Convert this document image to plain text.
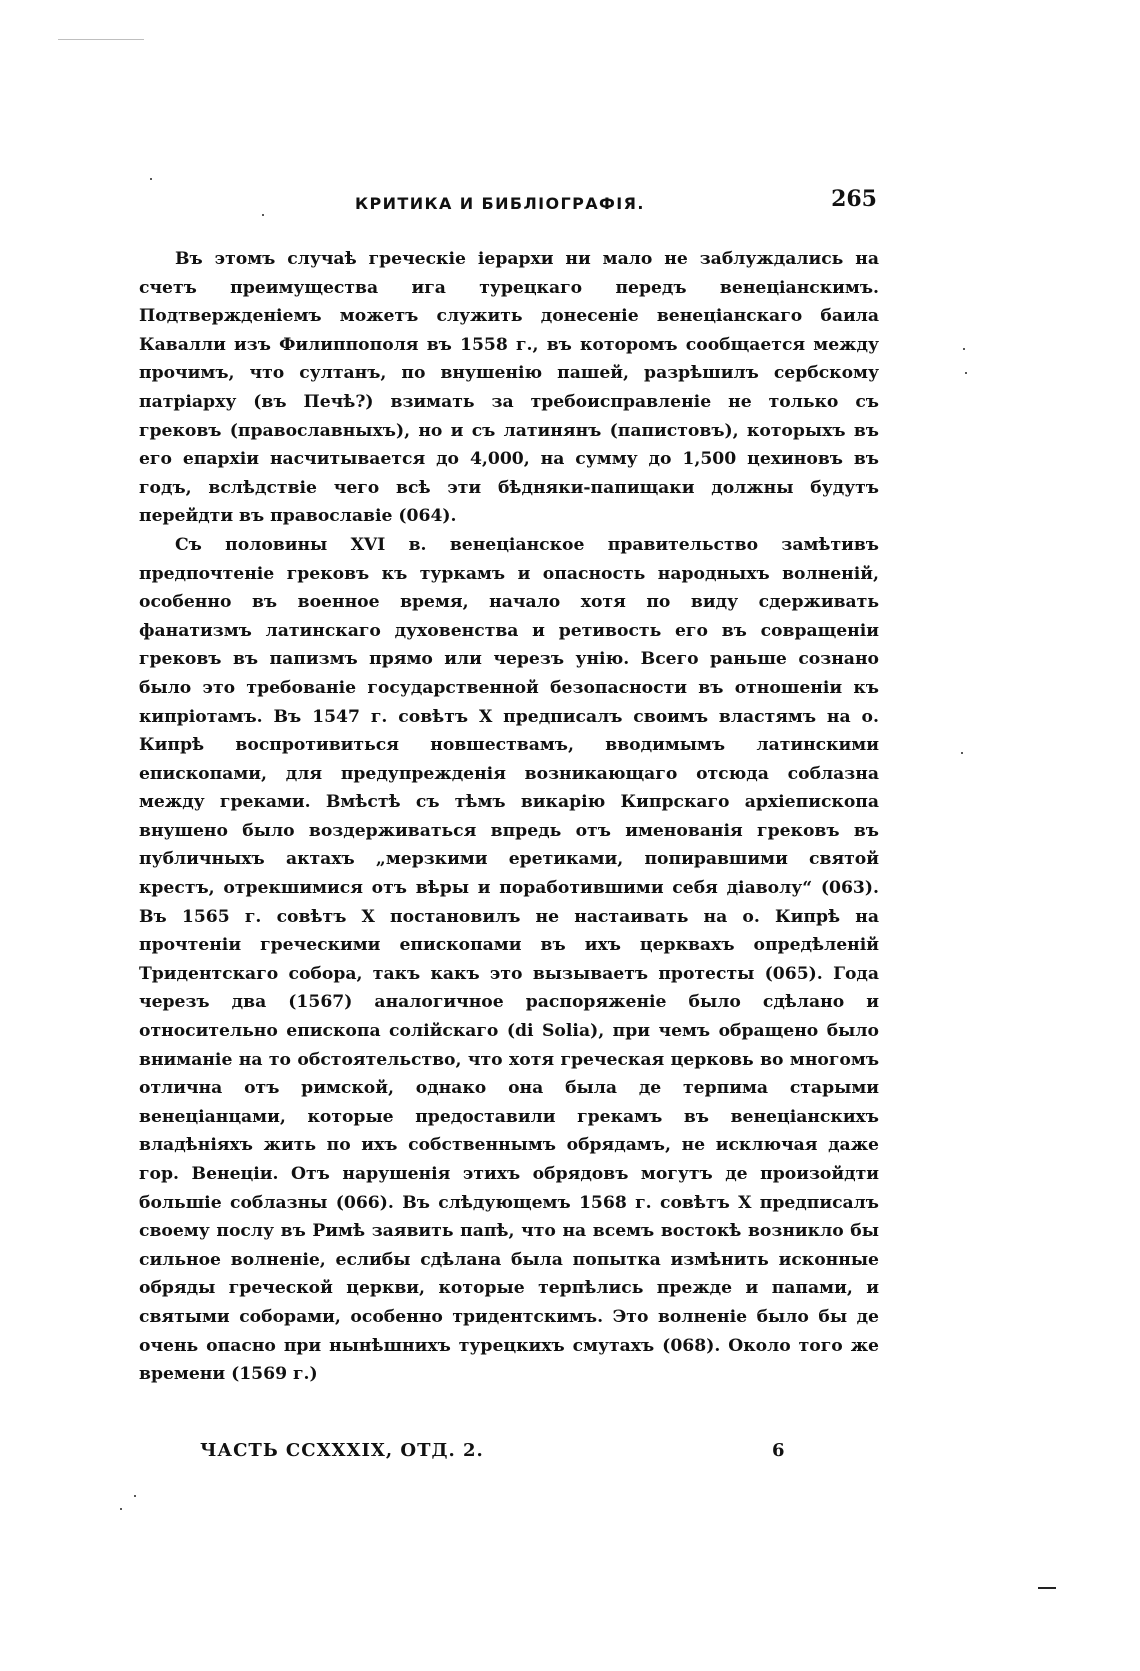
КРИТИКА И БИБЛІОГРАФІЯ.	265

Въ этомъ случаѣ греческіе іерархи ни мало не заблуждались на счетъ преимущества ига турецкаго передъ венеціанскимъ. Подтвержденіемъ можетъ служить донесеніе венеціанскаго баила Кавалли изъ Филиппополя въ 1558 г., въ которомъ сообщается между прочимъ, что султанъ, по внушенію пашей, разрѣшилъ сербскому патріарху (въ Печѣ?) взимать за требоисправленіе не только съ грековъ (православныхъ), но и съ латинянъ (папистовъ), которыхъ въ его епархіи насчитывается до 4,000, на сумму до 1,500 цехиновъ въ годъ, вслѣдствіе чего всѣ эти бѣдняки-папищаки должны будутъ перейдти въ православіе (064).

Съ половины XVI в. венеціанское правительство замѣтивъ предпочтеніе грековъ къ туркамъ и опасность народныхъ волненій, особенно въ военное время, начало хотя по виду сдерживать фанатизмъ латинскаго духовенства и ретивость его въ совращеніи грековъ въ папизмъ прямо или черезъ унію. Всего раньше сознано было это требованіе государственной безопасности въ отношеніи къ кипріотамъ. Въ 1547 г. совѣтъ X предписалъ своимъ властямъ на о. Кипрѣ воспротивиться новшествамъ, вводимымъ латинскими епископами, для предупрежденія возникающаго отсюда соблазна между греками. Вмѣстѣ съ тѣмъ викарію Кипрскаго архіепископа внушено было воздерживаться впредь отъ именованія грековъ въ публичныхъ актахъ „мерзкими еретиками, попиравшими святой крестъ, отрекшимися отъ вѣры и поработившими себя діаволу“ (063). Въ 1565 г. совѣтъ X постановилъ не настаивать на о. Кипрѣ на прочтеніи греческими епископами въ ихъ церквахъ опредѣленій Тридентскаго собора, такъ какъ это вызываетъ протесты (065). Года черезъ два (1567) аналогичное распоряженіе было сдѣлано и относительно епископа солійскаго (di Solia), при чемъ обращено было вниманіе на то обстоятельство, что хотя греческая церковь во многомъ отлична отъ римской, однако она была де терпима старыми венеціанцами, которые предоставили грекамъ въ венеціанскихъ владѣніяхъ жить по ихъ собственнымъ обрядамъ, не исключая даже гор. Венеціи. Отъ нарушенія этихъ обрядовъ могутъ де произойдти большіе соблазны (066). Въ слѣдующемъ 1568 г. совѣтъ X предписалъ своему послу въ Римѣ заявить папѣ, что на всемъ востокѣ возникло бы сильное волненіе, еслибы сдѣлана была попытка измѣнить исконные обряды греческой церкви, которые терпѣлись прежде и папами, и святыми соборами, особенно тридентскимъ. Это волненіе было бы де очень опасно при нынѣшнихъ турецкихъ смутахъ (068). Около того же времени (1569 г.)

ЧАСТЬ CCXXXIX, ОТД. 2.	6
